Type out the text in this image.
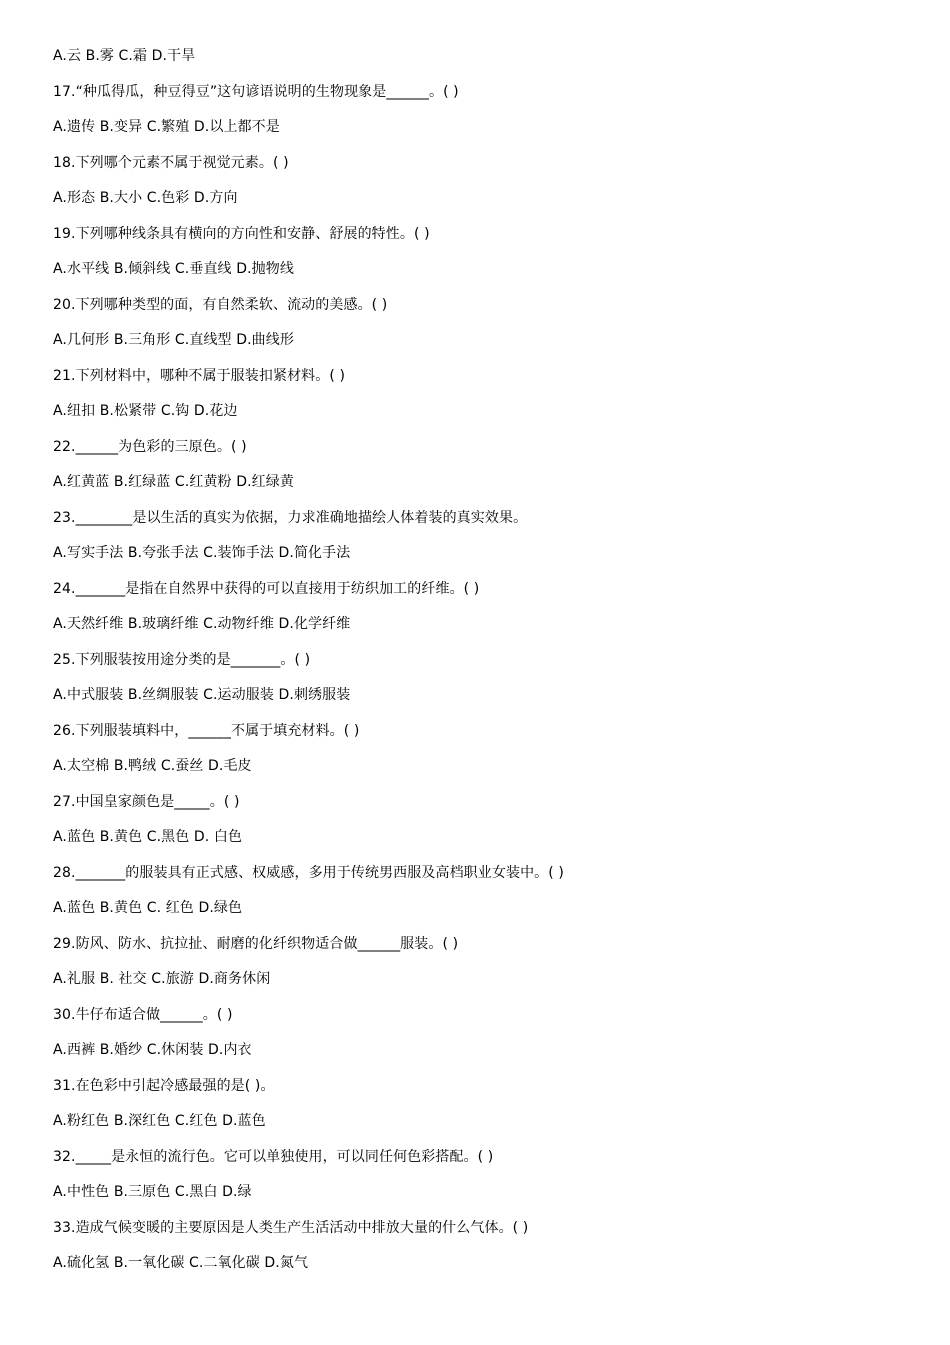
A.云 B.雾 C.霜 D.干旱
17.“种瓜得瓜，种豆得豆”这句谚语说明的生物现象是______。( )
A.遗传 B.变异 C.繁殖 D.以上都不是
18.下列哪个元素不属于视觉元素。( )
A.形态 B.大小 C.色彩 D.方向
19.下列哪种线条具有横向的方向性和安静、舒展的特性。( )
A.水平线 B.倾斜线 C.垂直线 D.抛物线
20.下列哪种类型的面，有自然柔软、流动的美感。( )
A.几何形 B.三角形 C.直线型 D.曲线形
21.下列材料中，哪种不属于服装扣紧材料。( )
A.纽扣 B.松紧带 C.钩 D.花边
22.______为色彩的三原色。( )
A.红黄蓝 B.红绿蓝 C.红黄粉 D.红绿黄
23.________是以生活的真实为依据，力求准确地描绘人体着装的真实效果。
A.写实手法 B.夸张手法 C.装饰手法 D.简化手法
24._______是指在自然界中获得的可以直接用于纺织加工的纤维。( )
A.天然纤维 B.玻璃纤维 C.动物纤维 D.化学纤维
25.下列服装按用途分类的是_______。( )
A.中式服装 B.丝绸服装 C.运动服装 D.刺绣服装
26.下列服装填料中，______不属于填充材料。( )
A.太空棉 B.鸭绒 C.蚕丝 D.毛皮
27.中国皇家颜色是_____。( )
A.蓝色 B.黄色 C.黑色 D. 白色
28._______的服装具有正式感、权威感，多用于传统男西服及高档职业女装中。( )
A.蓝色 B.黄色 C. 红色 D.绿色
29.防风、防水、抗拉扯、耐磨的化纤织物适合做______服装。( )
A.礼服 B. 社交 C.旅游 D.商务休闲
30.牛仔布适合做______。( )
A.西裤 B.婚纱 C.休闲装 D.内衣
31.在色彩中引起冷感最强的是( )。
A.粉红色 B.深红色 C.红色 D.蓝色
32._____是永恒的流行色。它可以单独使用，可以同任何色彩搭配。( )
A.中性色 B.三原色 C.黑白 D.绿
33.造成气候变暖的主要原因是人类生产生活活动中排放大量的什么气体。( )
A.硫化氢 B.一氧化碳 C.二氧化碳 D.氮气
